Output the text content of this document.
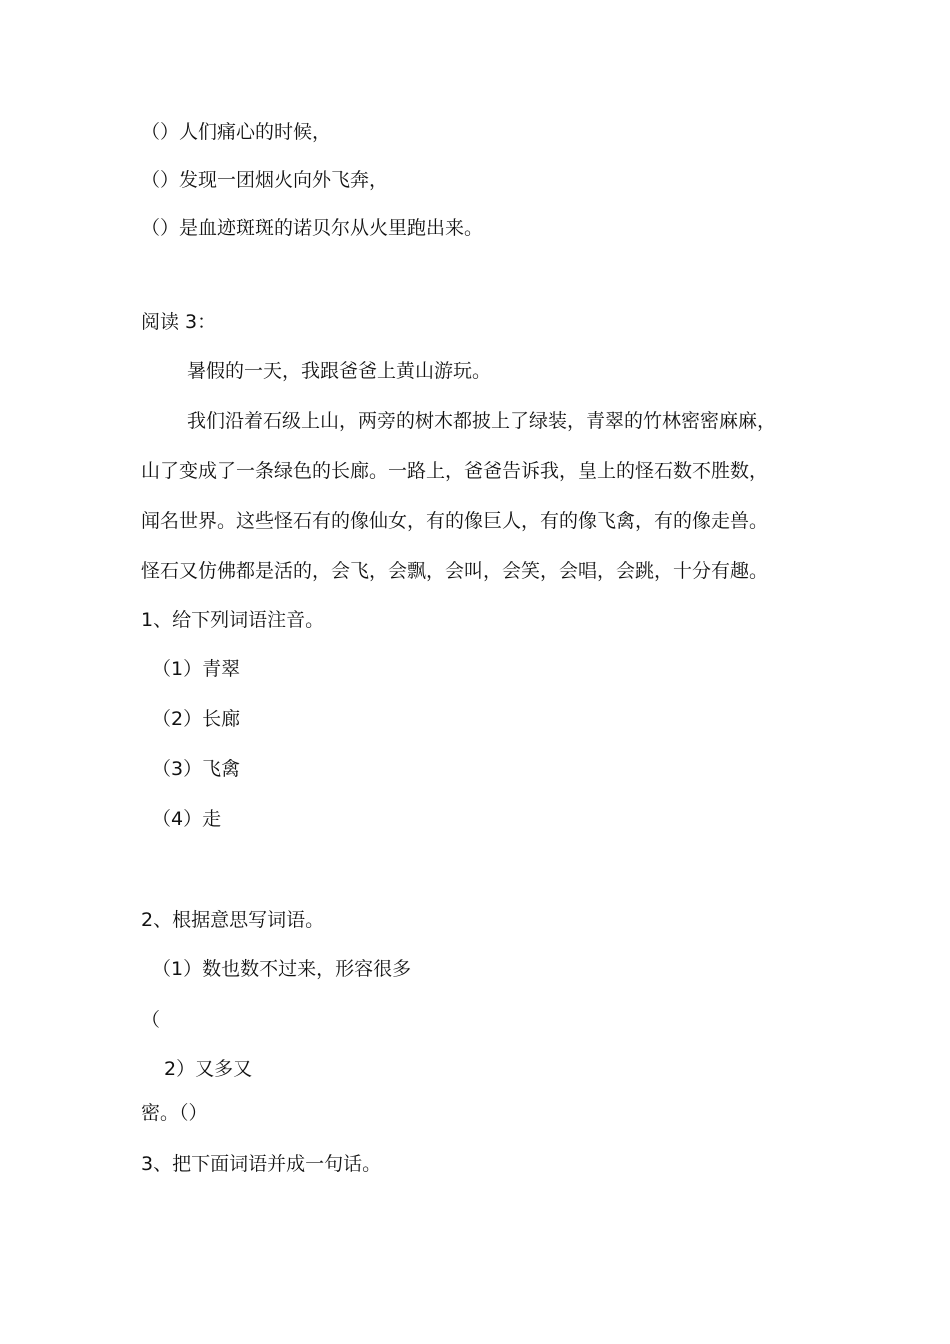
（）人们痛心的时候，
（）发现一团烟火向外飞奔，
（）是血迹斑斑的诺贝尔从火里跑出来。
阅读 3：
暑假的一天，我跟爸爸上黄山游玩。
我们沿着石级上山，两旁的树木都披上了绿装，青翠的竹林密密麻麻，
山了变成了一条绿色的长廊。一路上，爸爸告诉我，皇上的怪石数不胜数，
闻名世界。这些怪石有的像仙女，有的像巨人，有的像飞禽，有的像走兽。
怪石又仿佛都是活的，会飞，会飘，会叫，会笑，会唱，会跳，十分有趣。
1、给下列词语注音。
（1）青翠
（2）长廊
（3）飞禽
（4）走
2、根据意思写词语。
（1）数也数不过来，形容很多
（
2）又多又
密。（）
3、把下面词语并成一句话。
